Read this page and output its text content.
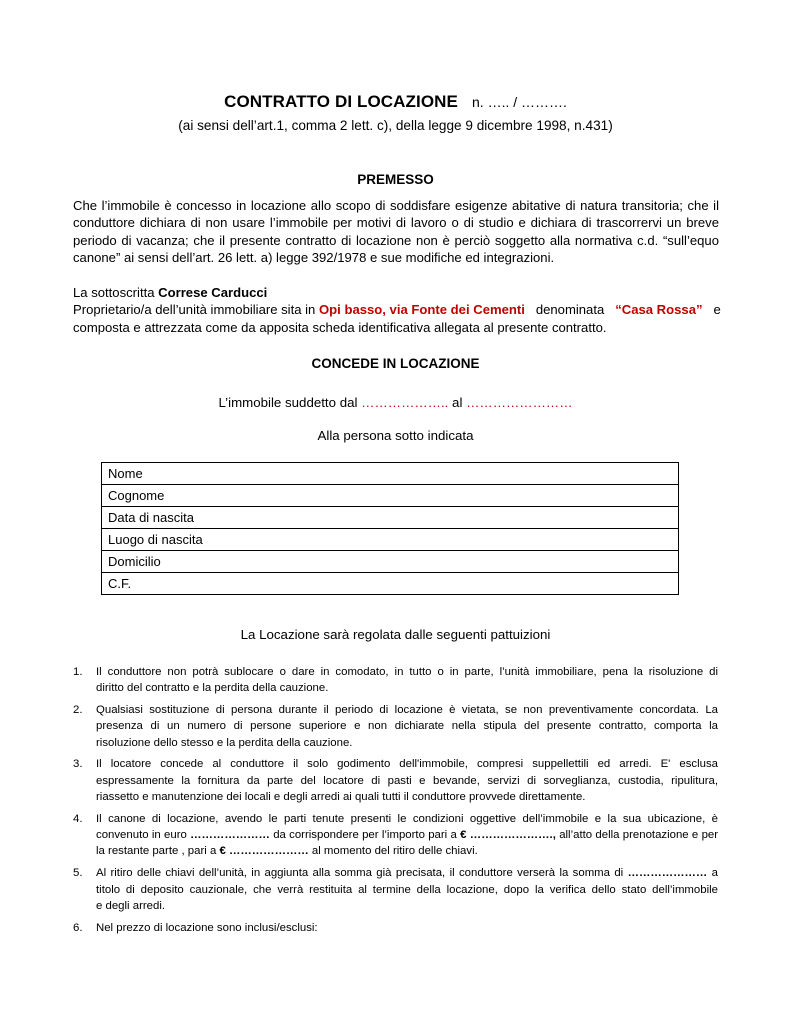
CONTRATTO DI LOCAZIONE n. ….. / ……….
(ai sensi dell’art.1, comma 2 lett. c), della legge 9 dicembre 1998, n.431)
PREMESSO
Che l’immobile è concesso in locazione allo scopo di soddisfare esigenze abitative di natura transitoria; che il
conduttore dichiara di non usare l’immobile per motivi di lavoro o di studio e dichiara di trascorrervi un breve
periodo di vacanza; che il presente contratto di locazione non è perciò soggetto alla normativa c.d. “sull’equo
canone” ai sensi dell’art. 26 lett. a) legge 392/1978 e sue modifiche ed integrazioni.
La sottoscritta Correse Carducci
Proprietario/a dell’unità immobiliare sita in Opi basso, via Fonte dei Cementi denominata “Casa Rossa” e
composta e attrezzata come da apposita scheda identificativa allegata al presente contratto.
CONCEDE IN LOCAZIONE
L’immobile suddetto dal ……………….. al ……………………
Alla persona sotto indicata
Nome
Cognome
Data di nascita
Luogo di nascita
Domicilio
C.F.
La Locazione sarà regolata dalle seguenti pattuizioni
1. Il conduttore non potrà sublocare o dare in comodato, in tutto o in parte, l’unità immobiliare, pena la risoluzione di
diritto del contratto e la perdita della cauzione.
2. Qualsiasi sostituzione di persona durante il periodo di locazione è vietata, se non preventivamente concordata. La
presenza di un numero di persone superiore e non dichiarate nella stipula del presente contratto, comporta la
risoluzione dello stesso e la perdita della cauzione.
3. Il locatore concede al conduttore il solo godimento dell'immobile, compresi suppellettili ed arredi. E' esclusa
espressamente la fornitura da parte del locatore di pasti e bevande, servizi di sorveglianza, custodia, ripulitura,
riassetto e manutenzione dei locali e degli arredi ai quali tutti il conduttore provvede direttamente.
4. Il canone di locazione, avendo le parti tenute presenti le condizioni oggettive dell’immobile e la sua ubicazione, è
convenuto in euro ………………… da corrispondere per l’importo pari a € …………………., all’atto della prenotazione e per
la restante parte , pari a € ………………… al momento del ritiro delle chiavi.
5. Al ritiro delle chiavi dell’unità, in aggiunta alla somma già precisata, il conduttore verserà la somma di ………………… a
titolo di deposito cauzionale, che verrà restituita al termine della locazione, dopo la verifica dello stato dell’immobile
e degli arredi.
6. Nel prezzo di locazione sono inclusi/esclusi:
